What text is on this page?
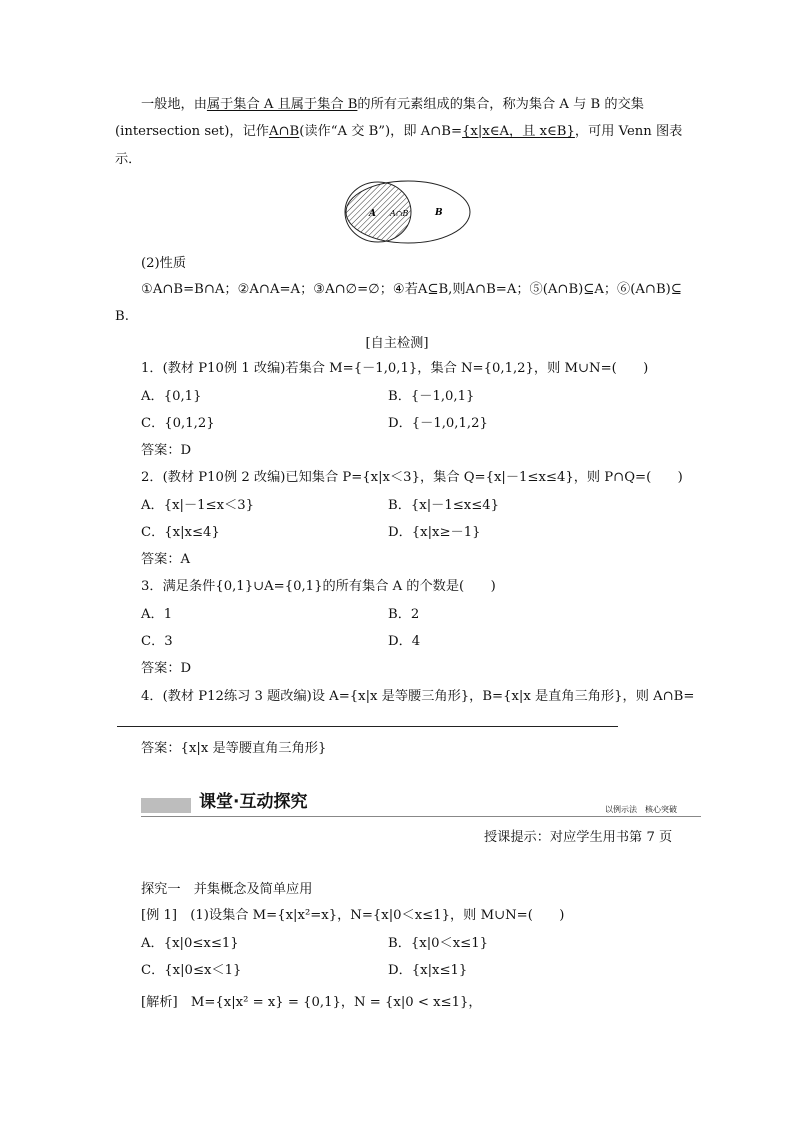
一般地，由属于集合 A 且属于集合 B的所有元素组成的集合，称为集合 A 与 B 的交集
(intersection set)，记作A∩B(读作“A 交 B”)，即 A∩B={x|x∈A，且 x∈B}，可用 Venn 图表
示．
A A∩B	B
(2)性质
①A∩B=B∩A；②A∩A=A；③A∩∅=∅；④若A⊆B,则A∩B=A；⑤(A∩B)⊆A；⑥(A∩B)⊆
B.
[自主检测]
1．(教材 P10例 1 改编)若集合 M={－1,0,1}，集合 N={0,1,2}，则 M∪N=(　　)
A．{0,1}	B．{－1,0,1}
C．{0,1,2}	D．{－1,0,1,2}
答案：D
2．(教材 P10例 2 改编)已知集合 P={x|x＜3}，集合 Q={x|－1≤x≤4}，则 P∩Q=(　　)
A．{x|－1≤x＜3}	B．{x|－1≤x≤4}
C．{x|x≤4}	D．{x|x≥－1}
答案：A
3．满足条件{0,1}∪A={0,1}的所有集合 A 的个数是(　　)
A．1	B．2
C．3	D．4
答案：D
4．(教材 P12练习 3 题改编)设 A={x|x 是等腰三角形}，B={x|x 是直角三角形}，则 A∩B=
答案：{x|x 是等腰直角三角形}
课堂·互动探究	以例示法　核心突破
授课提示：对应学生用书第 7 页
探究一　并集概念及简单应用
[例 1]　(1)设集合 M={x|x²=x}，N={x|0＜x≤1}，则 M∪N=(　　)
A．{x|0≤x≤1}	B．{x|0＜x≤1}
C．{x|0≤x＜1}	D．{x|x≤1}
[解析]　M={x|x² = x} = {0,1}，N = {x|0 < x≤1}，
